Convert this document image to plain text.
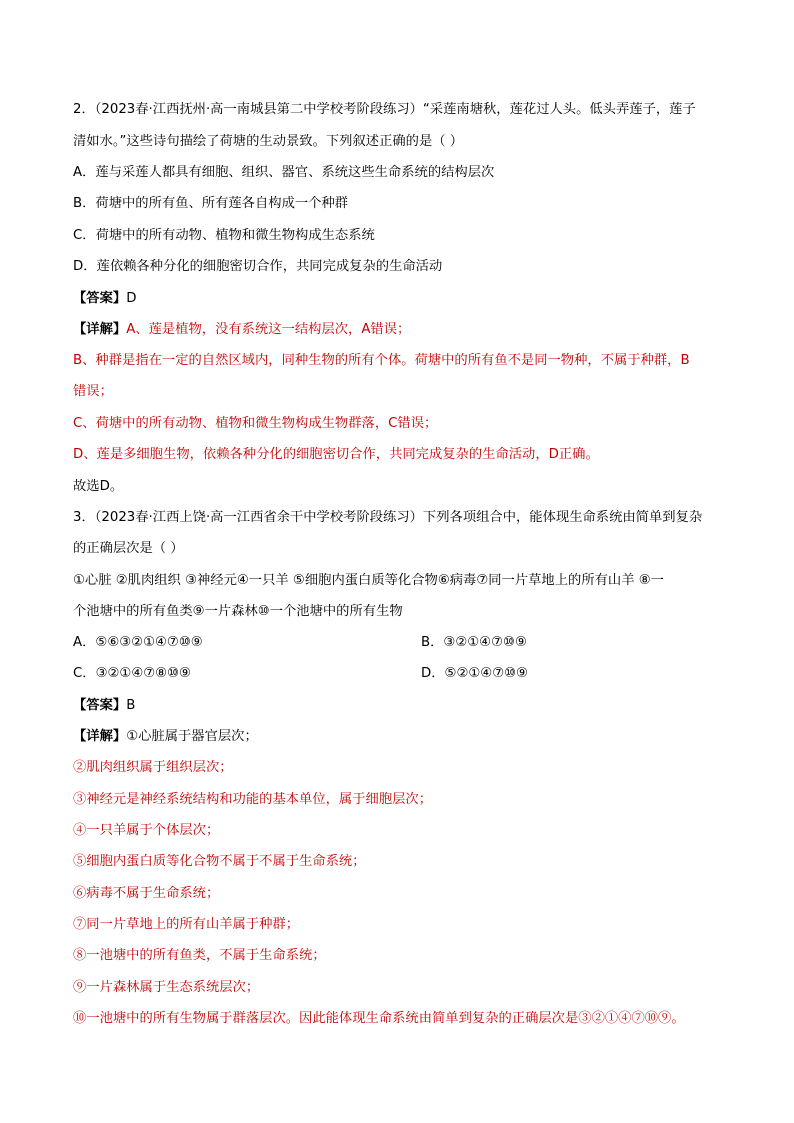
2．（2023春·江西抚州·高一南城县第二中学校考阶段练习）“采莲南塘秋，莲花过人头。低头弄莲子，莲子
清如水。”这些诗句描绘了荷塘的生动景致。下列叙述正确的是（ ）
A．莲与采莲人都具有细胞、组织、器官、系统这些生命系统的结构层次
B．荷塘中的所有鱼、所有莲各自构成一个种群
C．荷塘中的所有动物、植物和微生物构成生态系统
D．莲依赖各种分化的细胞密切合作，共同完成复杂的生命活动
【答案】D
【详解】A、莲是植物，没有系统这一结构层次，A错误；
B、种群是指在一定的自然区域内，同种生物的所有个体。荷塘中的所有鱼不是同一物种，不属于种群，B
错误；
C、荷塘中的所有动物、植物和微生物构成生物群落，C错误；
D、莲是多细胞生物，依赖各种分化的细胞密切合作，共同完成复杂的生命活动，D正确。
故选D。
3．（2023春·江西上饶·高一江西省余干中学校考阶段练习）下列各项组合中，能体现生命系统由简单到复杂
的正确层次是（ ）
①心脏 ②肌肉组织 ③神经元④一只羊 ⑤细胞内蛋白质等化合物⑥病毒⑦同一片草地上的所有山羊 ⑧一
个池塘中的所有鱼类⑨一片森林⑩一个池塘中的所有生物
A．⑤⑥③②①④⑦⑩⑨	B．③②①④⑦⑩⑨
C．③②①④⑦⑧⑩⑨	D．⑤②①④⑦⑩⑨
【答案】B
【详解】①心脏属于器官层次；
②肌肉组织属于组织层次；
③神经元是神经系统结构和功能的基本单位，属于细胞层次；
④一只羊属于个体层次；
⑤细胞内蛋白质等化合物不属于不属于生命系统；
⑥病毒不属于生命系统；
⑦同一片草地上的所有山羊属于种群；
⑧一池塘中的所有鱼类，不属于生命系统；
⑨一片森林属于生态系统层次；
⑩一池塘中的所有生物属于群落层次。因此能体现生命系统由简单到复杂的正确层次是③②①④⑦⑩⑨。
